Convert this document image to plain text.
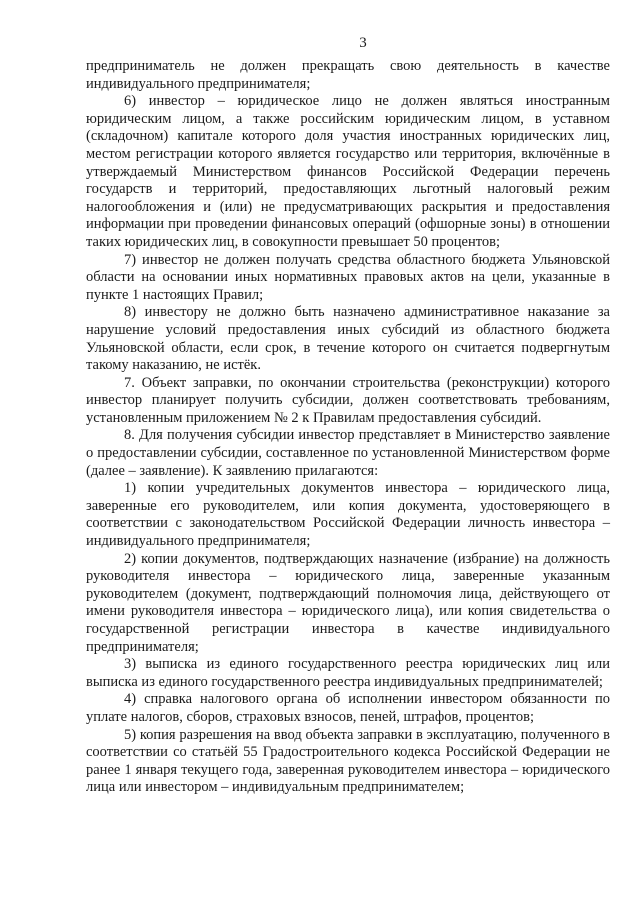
3

предприниматель не должен прекращать свою деятельность в качестве индивидуального предпринимателя;

6) инвестор – юридическое лицо не должен являться иностранным юридическим лицом, а также российским юридическим лицом, в уставном (складочном) капитале которого доля участия иностранных юридических лиц, местом регистрации которого является государство или территория, включённые в утверждаемый Министерством финансов Российской Федерации перечень государств и территорий, предоставляющих льготный налоговый режим налогообложения и (или) не предусматривающих раскрытия и предоставления информации при проведении финансовых операций (офшорные зоны) в отношении таких юридических лиц, в совокупности превышает 50 процентов;

7) инвестор не должен получать средства областного бюджета Ульяновской области на основании иных нормативных правовых актов на цели, указанные в пункте 1 настоящих Правил;

8) инвестору не должно быть назначено административное наказание за нарушение условий предоставления иных субсидий из областного бюджета Ульяновской области, если срок, в течение которого он считается подвергнутым такому наказанию, не истёк.

7. Объект заправки, по окончании строительства (реконструкции) которого инвестор планирует получить субсидии, должен соответствовать требованиям, установленным приложением № 2 к Правилам предоставления субсидий.

8. Для получения субсидии инвестор представляет в Министерство заявление о предоставлении субсидии, составленное по установленной Министерством форме (далее – заявление). К заявлению прилагаются:

1) копии учредительных документов инвестора – юридического лица, заверенные его руководителем, или копия документа, удостоверяющего в соответствии с законодательством Российской Федерации личность инвестора – индивидуального предпринимателя;

2) копии документов, подтверждающих назначение (избрание) на должность руководителя инвестора – юридического лица, заверенные указанным руководителем (документ, подтверждающий полномочия лица, действующего от имени руководителя инвестора – юридического лица), или копия свидетельства о государственной регистрации инвестора в качестве индивидуального предпринимателя;

3) выписка из единого государственного реестра юридических лиц или выписка из единого государственного реестра индивидуальных предпринимателей;

4) справка налогового органа об исполнении инвестором обязанности по уплате налогов, сборов, страховых взносов, пеней, штрафов, процентов;

5) копия разрешения на ввод объекта заправки в эксплуатацию, полученного в соответствии со статьёй 55 Градостроительного кодекса Российской Федерации не ранее 1 января текущего года, заверенная руководителем инвестора – юридического лица или инвестором – индивидуальным предпринимателем;
